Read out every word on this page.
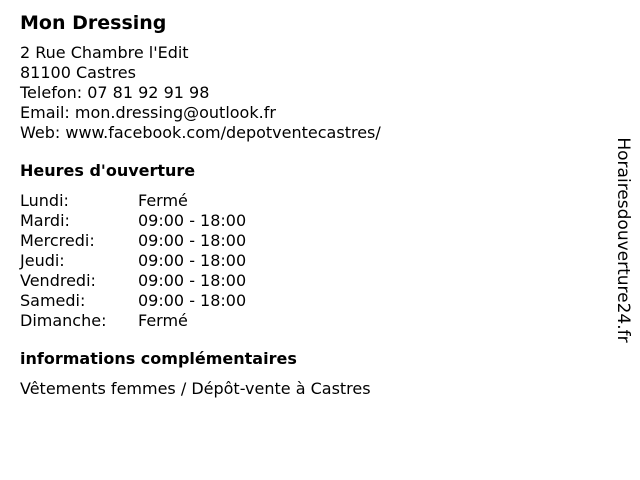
Mon Dressing
2 Rue Chambre l'Edit
81100 Castres
Telefon: 07 81 92 91 98
Email: mon.dressing@outlook.fr
Web: www.facebook.com/depotventecastres/
Heures d'ouverture
Lundi:	Fermé
Mardi:	09:00 - 18:00
Mercredi:	09:00 - 18:00
Jeudi:	09:00 - 18:00
Vendredi:	09:00 - 18:00
Samedi:	09:00 - 18:00
Dimanche:	Fermé
informations complémentaires
Vêtements femmes / Dépôt-vente à Castres
Horairesdouverture24.fr
